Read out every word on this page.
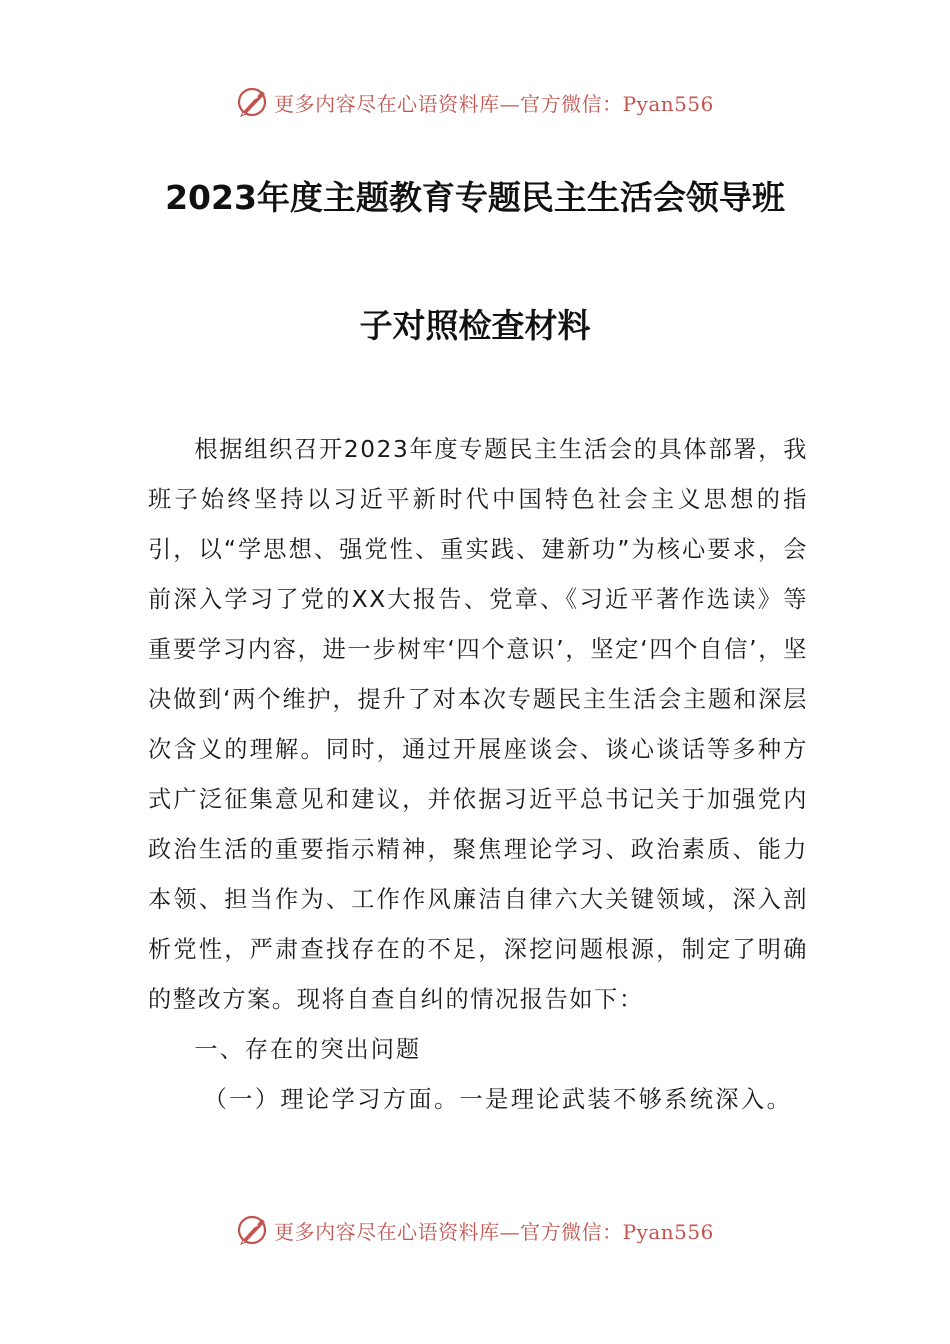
更多内容尽在心语资料库—官方微信：Pyan556
2023年度主题教育专题民主生活会领导班
子对照检查材料

根据组织召开2023年度专题民主生活会的具体部署，我班子始终坚持以习近平新时代中国特色社会主义思想的指引，以“学思想、强党性、重实践、建新功”为核心要求，会前深入学习了党的XX大报告、党章、《习近平著作选读》等重要学习内容，进一步树牢‘四个意识’，坚定‘四个自信’，坚决做到‘两个维护，提升了对本次专题民主生活会主题和深层次含义的理解。同时，通过开展座谈会、谈心谈话等多种方式广泛征集意见和建议，并依据习近平总书记关于加强党内政治生活的重要指示精神，聚焦理论学习、政治素质、能力本领、担当作为、工作作风廉洁自律六大关键领域，深入剖析党性，严肃查找存在的不足，深挖问题根源，制定了明确的整改方案。现将自查自纠的情况报告如下：

一、存在的突出问题

（一）理论学习方面。一是理论武装不够系统深入。

更多内容尽在心语资料库—官方微信：Pyan556
